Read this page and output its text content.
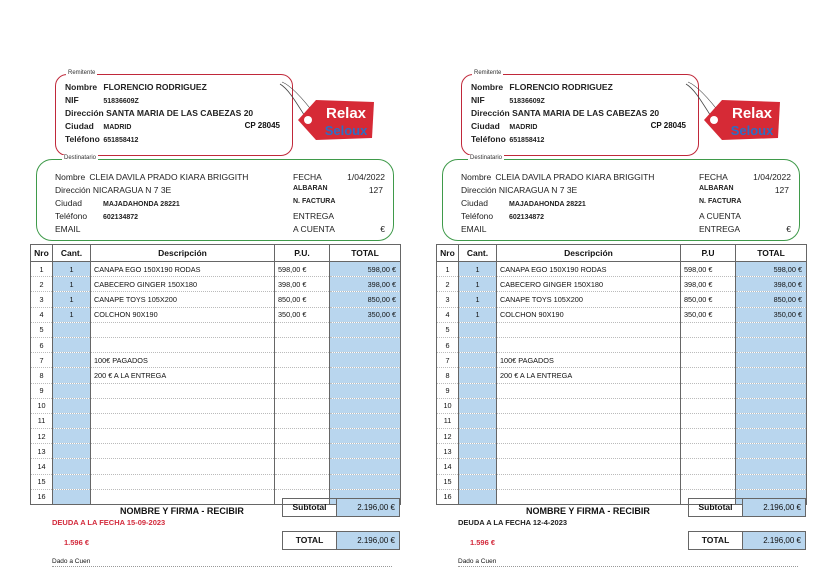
Remitente
Nombre FLORENCIO RODRIGUEZ
NIF	51836609Z
Dirección SANTA MARIA DE LAS CABEZAS 20
Ciudad MADRID	CP 28045
Teléfono 651858412
Relax
Seloux
Destinatario
Nombre CLEIA DAVILA PRADO KIARA BRIGGITH
Dirección NICARAGUA N 7 3E
Ciudad	MAJADAHONDA 28221
Teléfono 602134872
EMAIL
FECHA	1/04/2022
ALBARAN	127
N. FACTURA
ENTREGA
A CUENTA	€
Nro	Cant.	Descripción	P.U.	TOTAL
1	1	CANAPA EGO 150X190 RODAS	598,00 €	598,00 €
2	1	CABECERO GINGER 150X180	398,00 €	398,00 €
3	1	CANAPE TOYS 105X200	850,00 €	850,00 €
4	1	COLCHON 90X190	350,00 €	350,00 €
5				
6				
7		100€ PAGADOS		
8		200 € A LA ENTREGA		
9				
10				
11				
12				
13				
14				
15				
16				
Subtotal	2.196,00 €
TOTAL	2.196,00 €
NOMBRE Y FIRMA - RECIBIR
DEUDA A LA FECHA 15-09-2023
1.596 €
Dado a Cuen
Remitente
Nombre FLORENCIO RODRIGUEZ
NIF	51836609Z
Dirección SANTA MARIA DE LAS CABEZAS 20
Ciudad MADRID	CP 28045
Teléfono 651858412
Relax
Seloux
Destinatario
Nombre CLEIA DAVILA PRADO KIARA BRIGGITH
Dirección NICARAGUA N 7 3E
Ciudad	MAJADAHONDA 28221
Teléfono 602134872
EMAIL
FECHA	1/04/2022
ALBARAN	127
N. FACTURA
A CUENTA
ENTREGA	€
Nro	Cant.	Descripción	P.U	TOTAL
1	1	CANAPA EGO 150X190 RODAS	598,00 €	598,00 €
2	1	CABECERO GINGER 150X180	398,00 €	398,00 €
3	1	CANAPE TOYS 105X200	850,00 €	850,00 €
4	1	COLCHON 90X190	350,00 €	350,00 €
5				
6				
7		100€ PAGADOS		
8		200 € A LA ENTREGA		
9				
10				
11				
12				
13				
14				
15				
16				
Subtotal	2.196,00 €
TOTAL	2.196,00 €
NOMBRE Y FIRMA - RECIBIR
DEUDA A LA FECHA 12-4-2023
1.596 €
Dado a Cuen
